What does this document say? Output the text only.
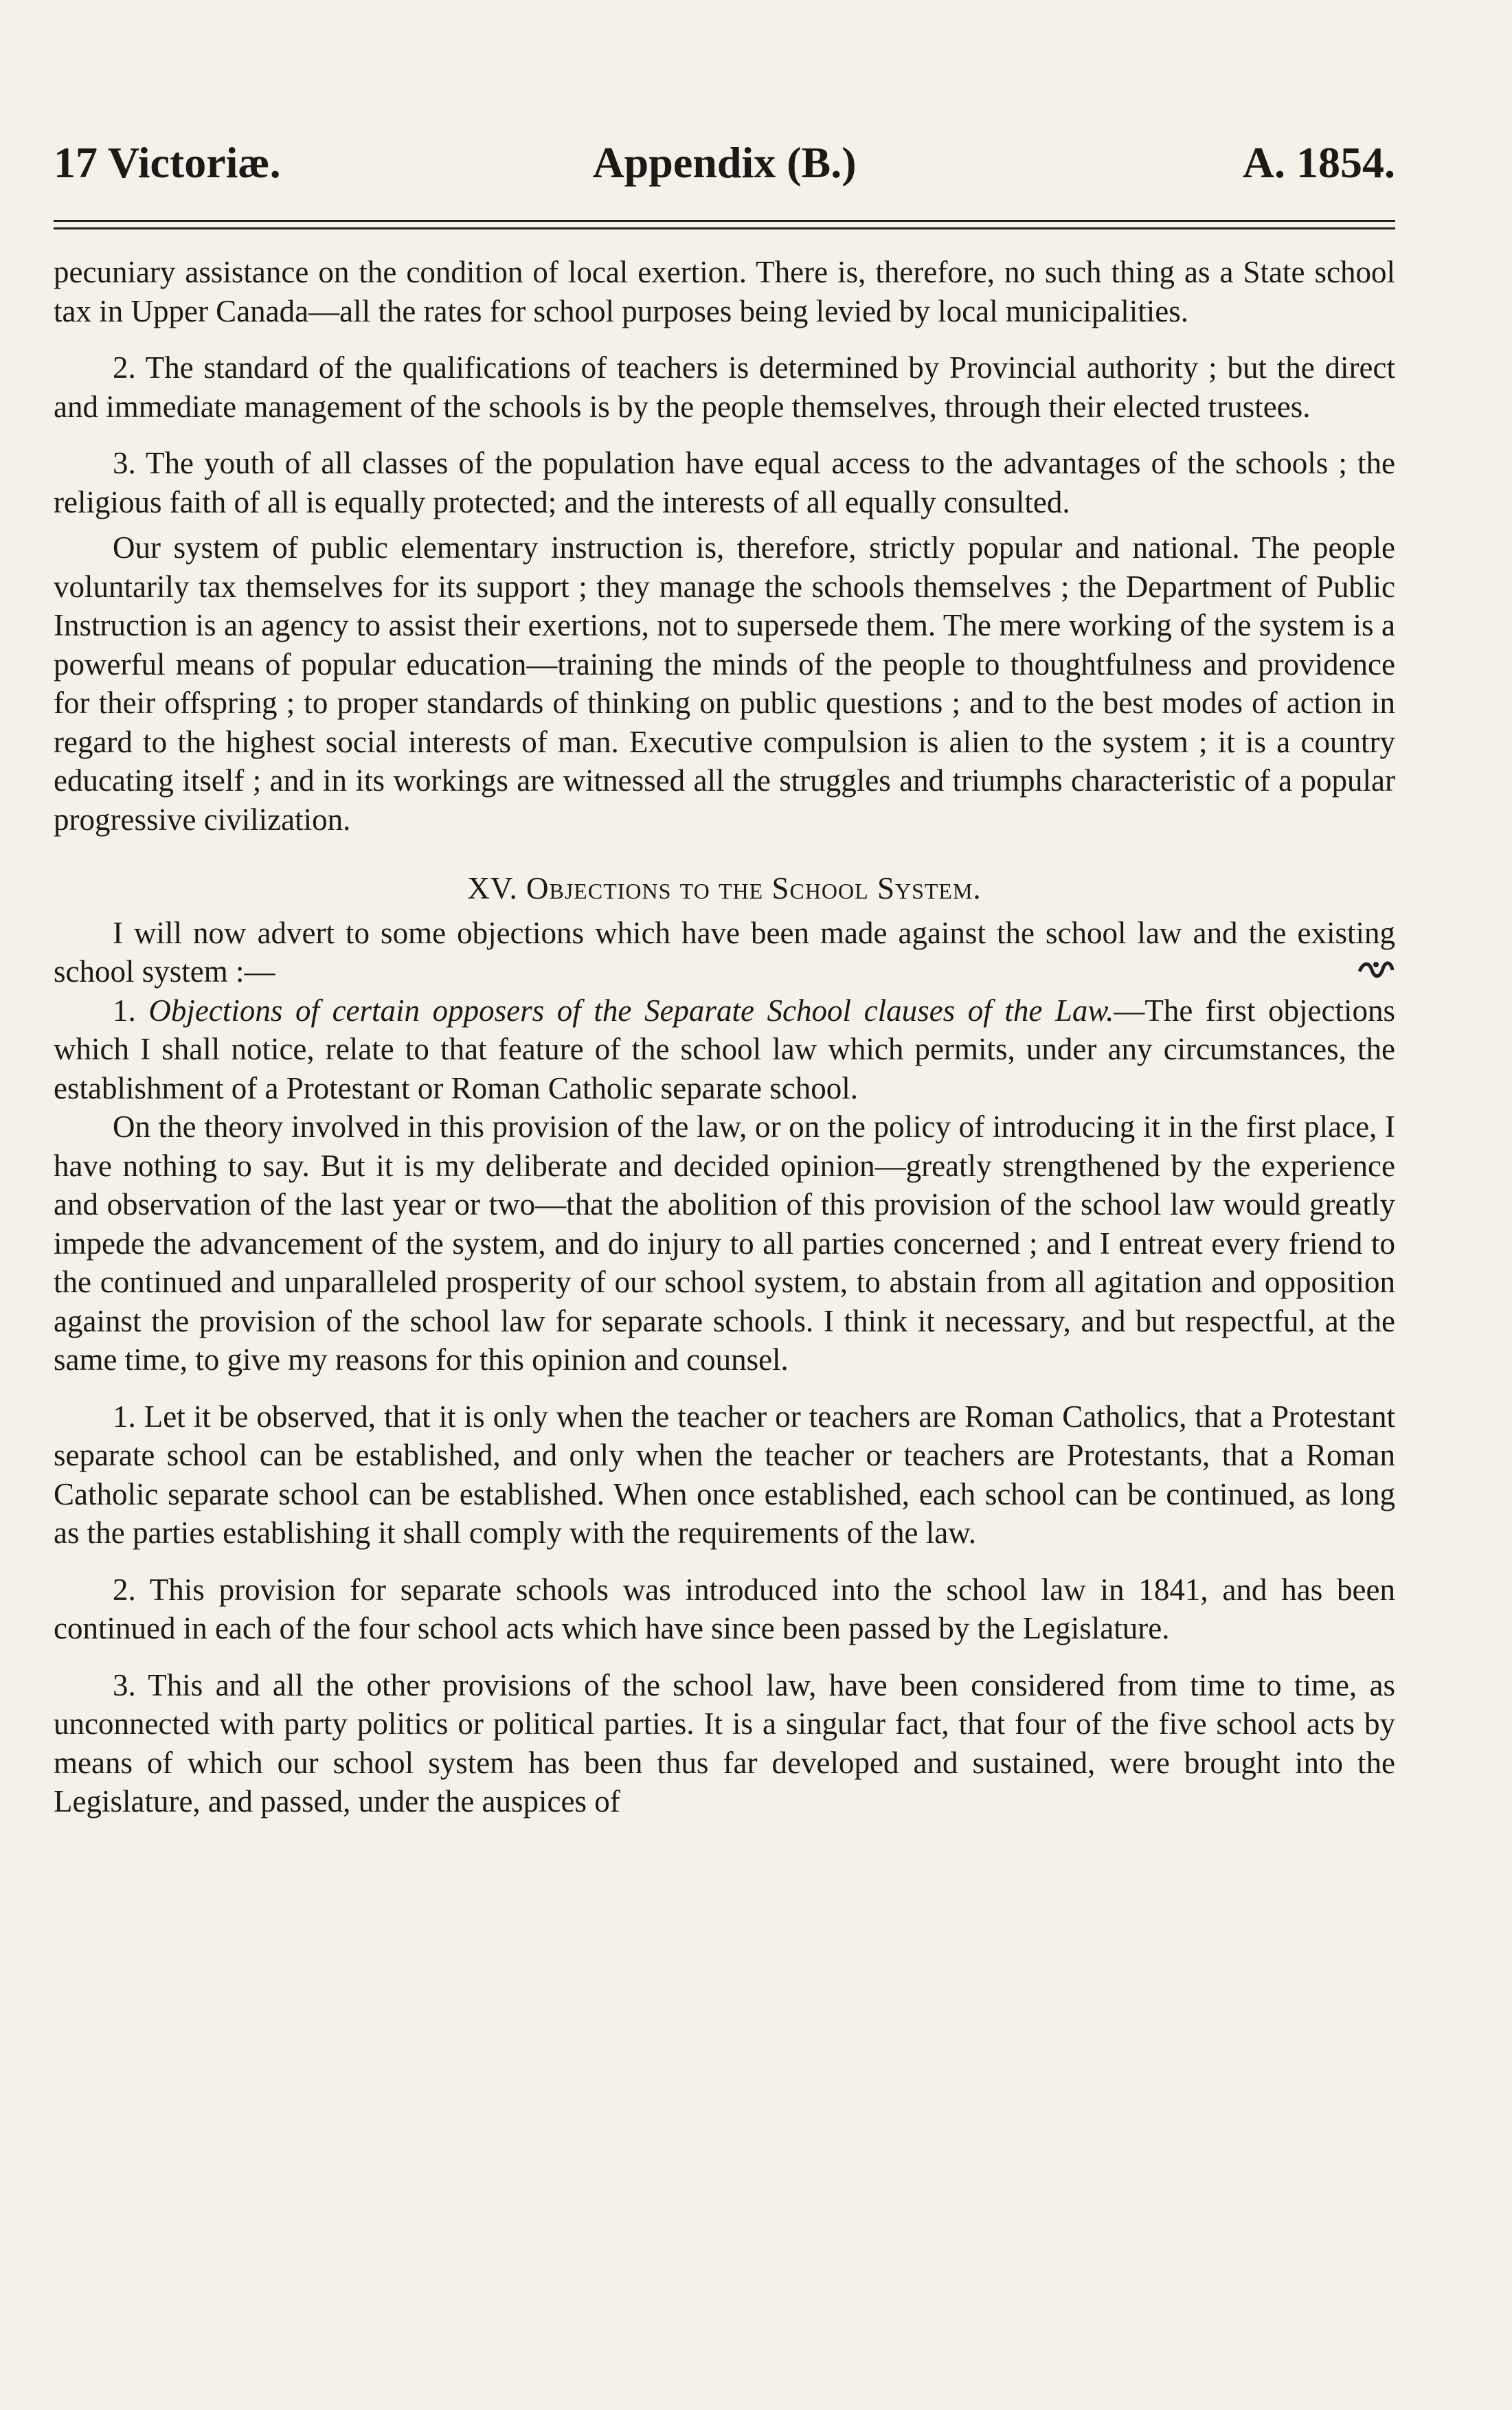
Appendix (B.)
17 Victoriæ.	A. 1854.

pecuniary assistance on the condition of local exertion. There is, therefore, no such thing as a State school tax in Upper Canada—all the rates for school purposes being levied by local municipalities.

2. The standard of the qualifications of teachers is determined by Provincial authority ; but the direct and immediate management of the schools is by the people themselves, through their elected trustees.

3. The youth of all classes of the population have equal access to the advantages of the schools ; the religious faith of all is equally protected; and the interests of all equally consulted.

Our system of public elementary instruction is, therefore, strictly popular and national. The people voluntarily tax themselves for its support ; they manage the schools themselves ; the Department of Public Instruction is an agency to assist their exertions, not to supersede them. The mere working of the system is a powerful means of popular education—training the minds of the people to thoughtfulness and providence for their offspring ; to proper standards of thinking on public questions ; and to the best modes of action in regard to the highest social interests of man. Executive compulsion is alien to the system ; it is a country educating itself ; and in its workings are witnessed all the struggles and triumphs characteristic of a popular progressive civilization.

XV. Objections to the School System.

I will now advert to some objections which have been made against the school law and the existing school system :—

1. Objections of certain opposers of the Separate School clauses of the Law.—The first objections which I shall notice, relate to that feature of the school law which permits, under any circumstances, the establishment of a Protestant or Roman Catholic separate school.

On the theory involved in this provision of the law, or on the policy of introducing it in the first place, I have nothing to say. But it is my deliberate and decided opinion—greatly strengthened by the experience and observation of the last year or two—that the abolition of this provision of the school law would greatly impede the advancement of the system, and do injury to all parties concerned ; and I entreat every friend to the continued and unparalleled prosperity of our school system, to abstain from all agitation and opposition against the provision of the school law for separate schools. I think it necessary, and but respectful, at the same time, to give my reasons for this opinion and counsel.

1. Let it be observed, that it is only when the teacher or teachers are Roman Catholics, that a Protestant separate school can be established, and only when the teacher or teachers are Protestants, that a Roman Catholic separate school can be established. When once established, each school can be continued, as long as the parties establishing it shall comply with the requirements of the law.

2. This provision for separate schools was introduced into the school law in 1841, and has been continued in each of the four school acts which have since been passed by the Legislature.

3. This and all the other provisions of the school law, have been considered from time to time, as unconnected with party politics or political parties. It is a singular fact, that four of the five school acts by means of which our school system has been thus far developed and sustained, were brought into the Legislature, and passed, under the auspices of
